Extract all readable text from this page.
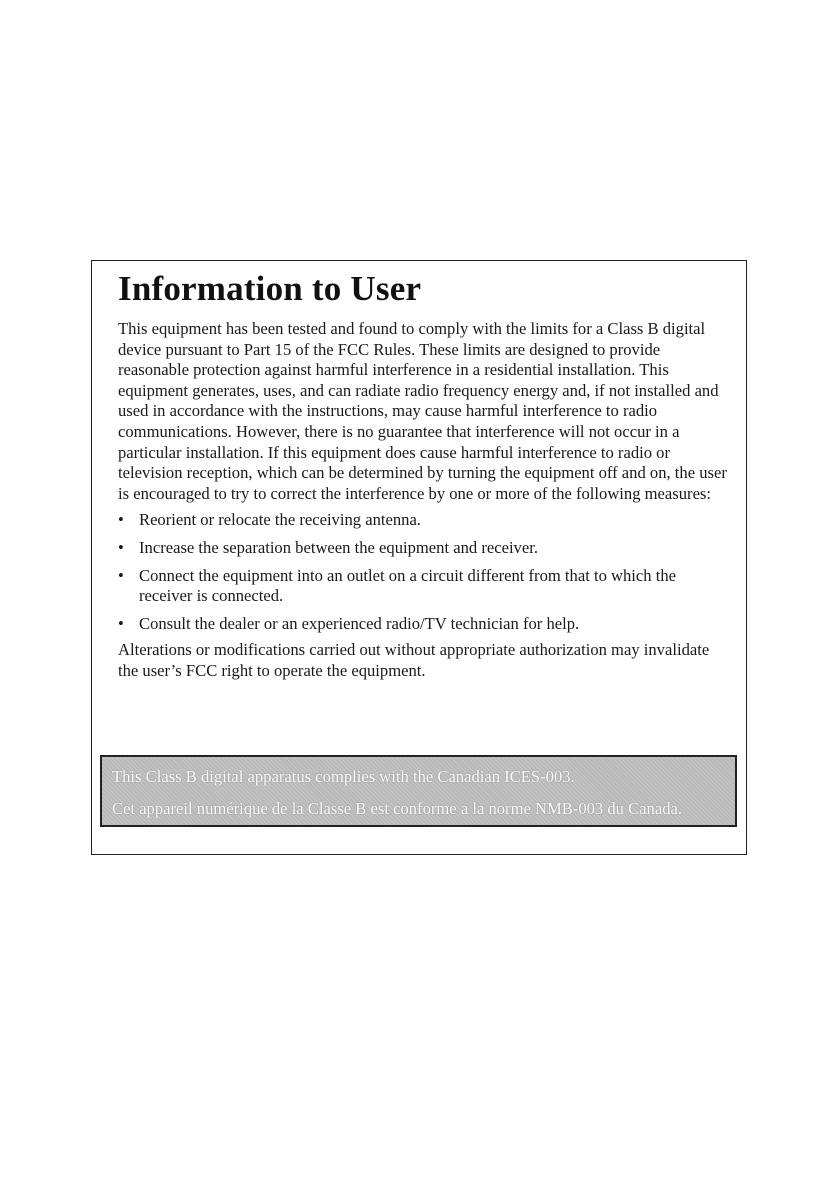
Information to User

This equipment has been tested and found to comply with the limits for a Class B digital device pursuant to Part 15 of the FCC Rules. These limits are designed to provide reasonable protection against harmful interference in a residential installation. This equipment generates, uses, and can radiate radio frequency energy and, if not installed and used in accordance with the instructions, may cause harmful interference to radio communications. However, there is no guarantee that interference will not occur in a particular installation. If this equipment does cause harmful interference to radio or television reception, which can be determined by turning the equipment off and on, the user is encouraged to try to correct the interference by one or more of the following measures:

• Reorient or relocate the receiving antenna.
• Increase the separation between the equipment and receiver.
• Connect the equipment into an outlet on a circuit different from that to which the receiver is connected.
• Consult the dealer or an experienced radio/TV technician for help.

Alterations or modifications carried out without appropriate authorization may invalidate the user’s FCC right to operate the equipment.

This Class B digital apparatus complies with the Canadian ICES-003.
Cet appareil numérique de la Classe B est conforme a la norme NMB-003 du Canada.
